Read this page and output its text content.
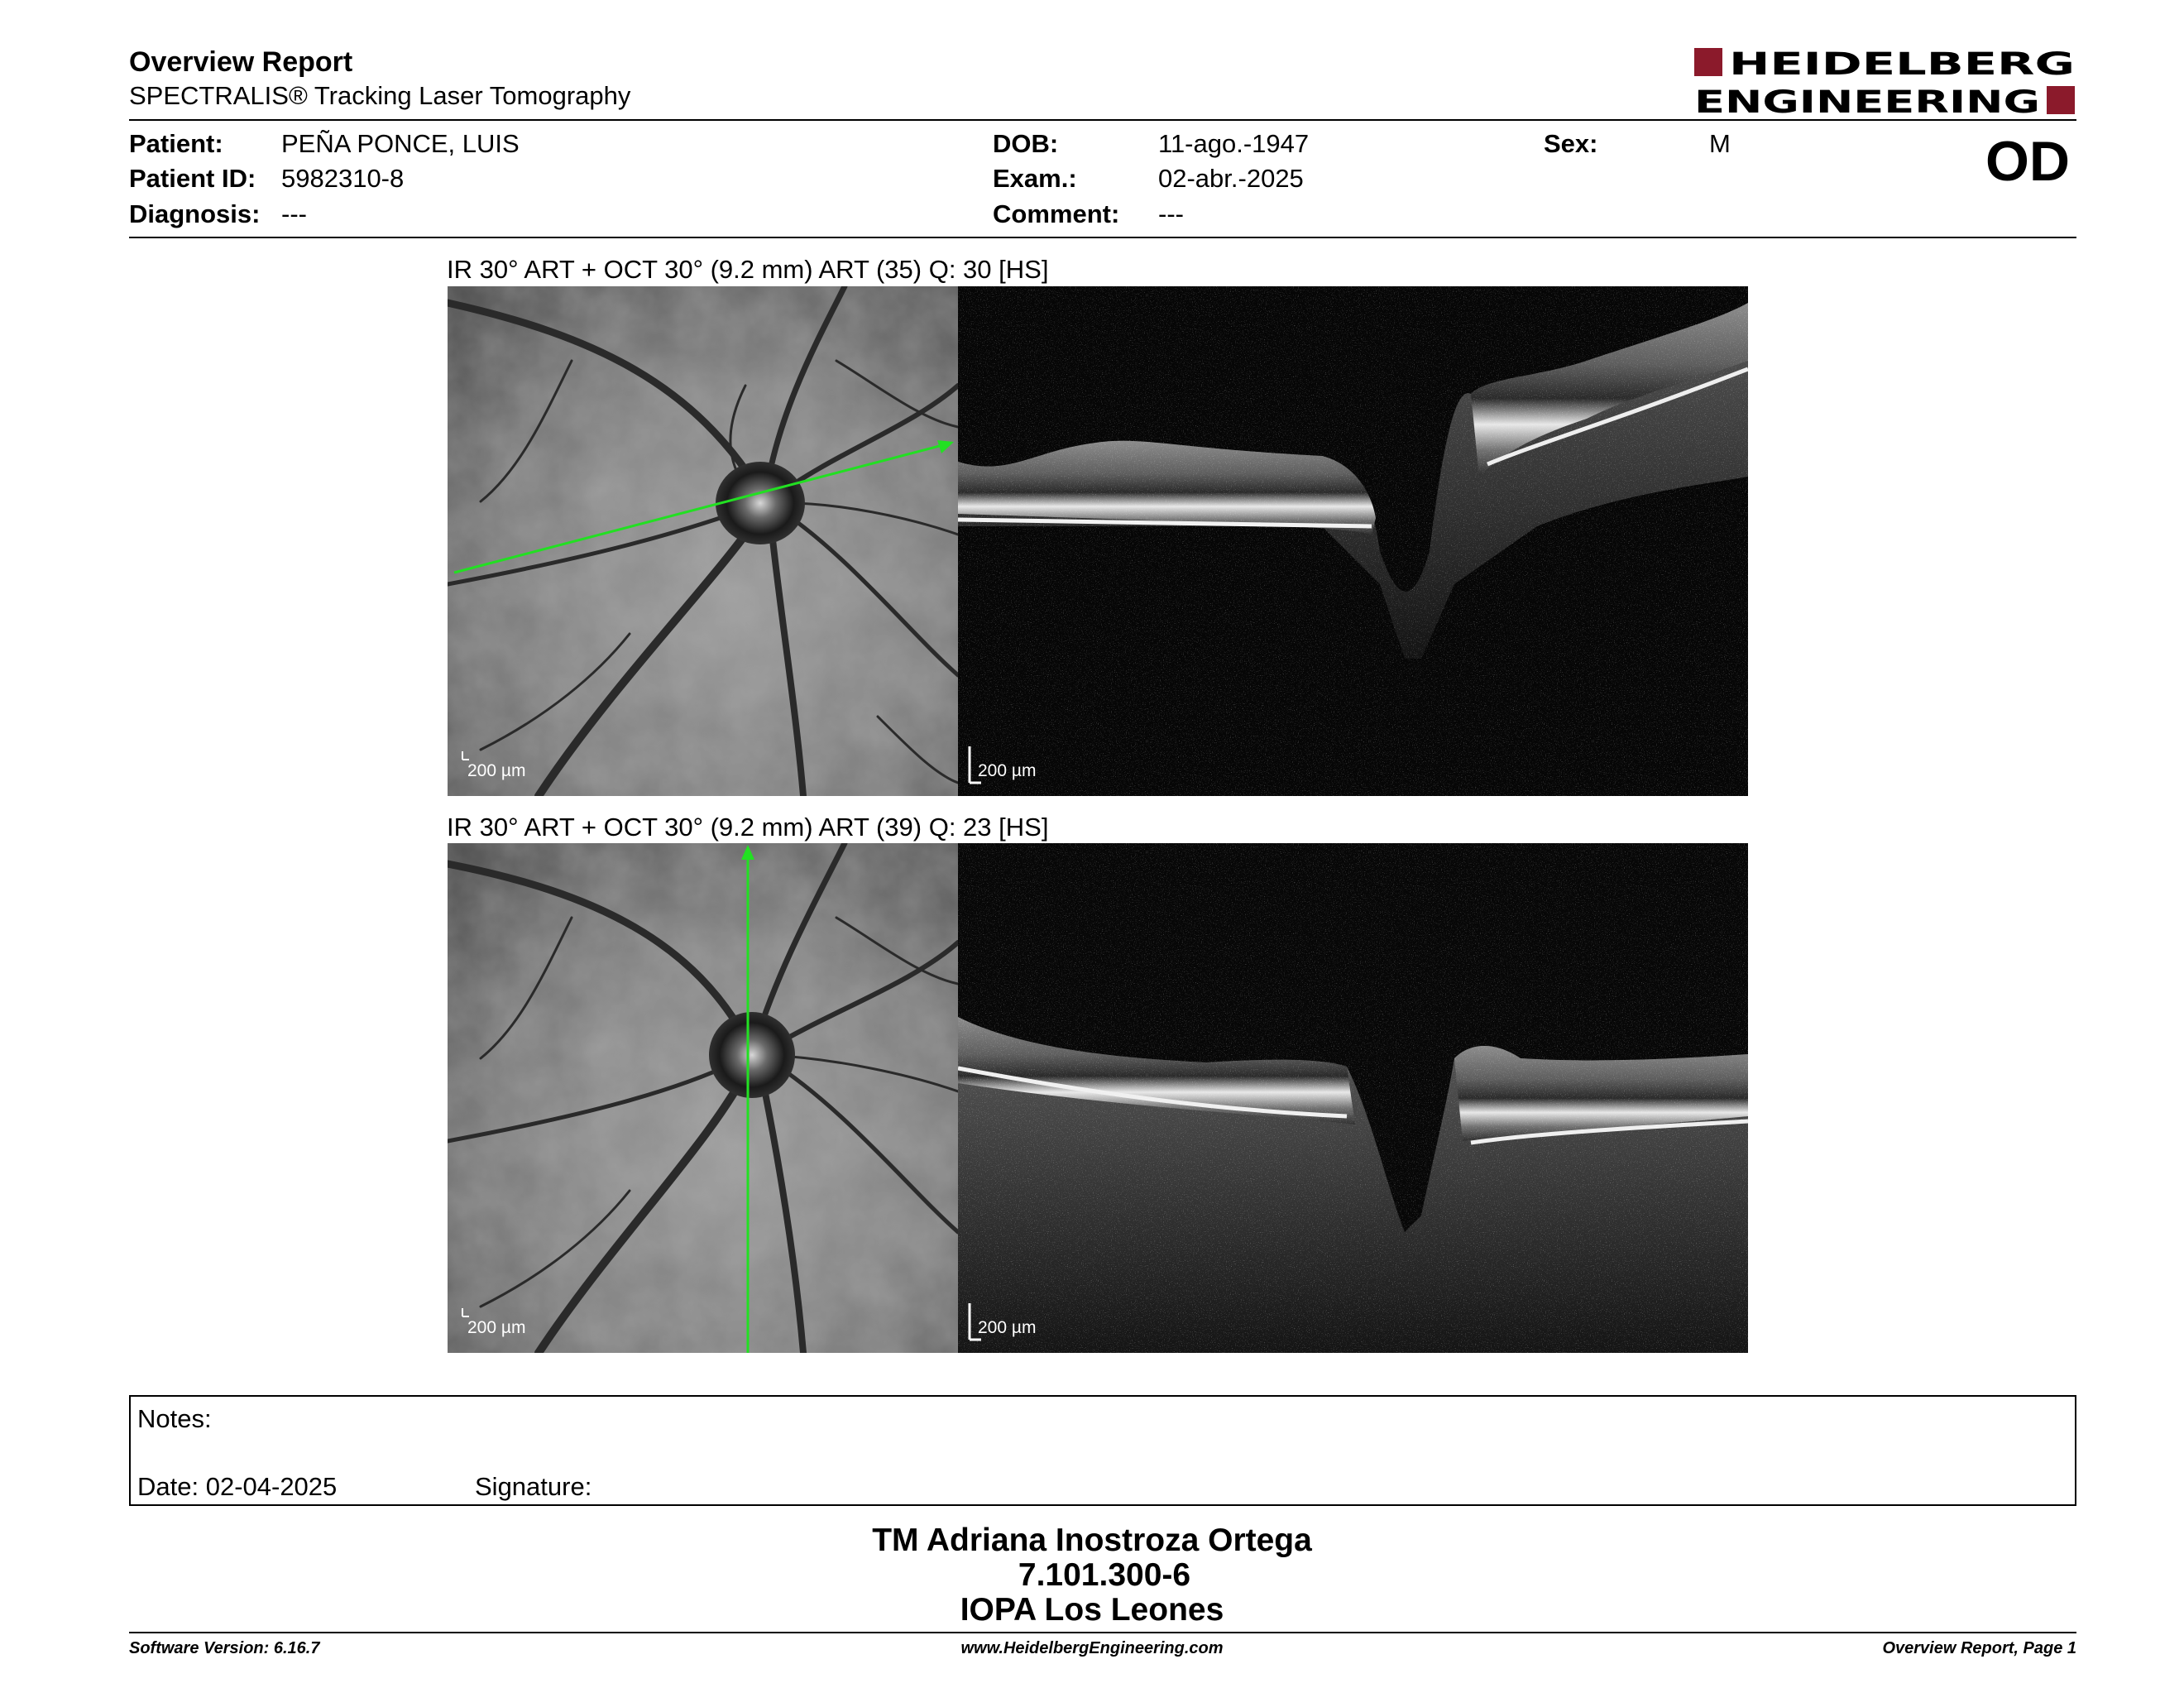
Overview Report
SPECTRALIS® Tracking Laser Tomography
HEIDELBERG
ENGINEERING
Patient: PEÑA PONCE, LUIS
Patient ID: 5982310-8
Diagnosis: ---
DOB:	11-ago.-1947
Exam.:	02-abr.-2025
Comment: ---
Sex:	M	OD
IR 30° ART + OCT 30° (9.2 mm) ART (35) Q: 30 [HS]
200 µm	200 µm
IR 30° ART + OCT 30° (9.2 mm) ART (39) Q: 23 [HS]
200 µm	200 µm
Notes:
Date: 02-04-2025	Signature:
TM Adriana Inostroza Ortega
7.101.300-6
IOPA Los Leones
Software Version: 6.16.7	www.HeidelbergEngineering.com	Overview Report, Page 1
